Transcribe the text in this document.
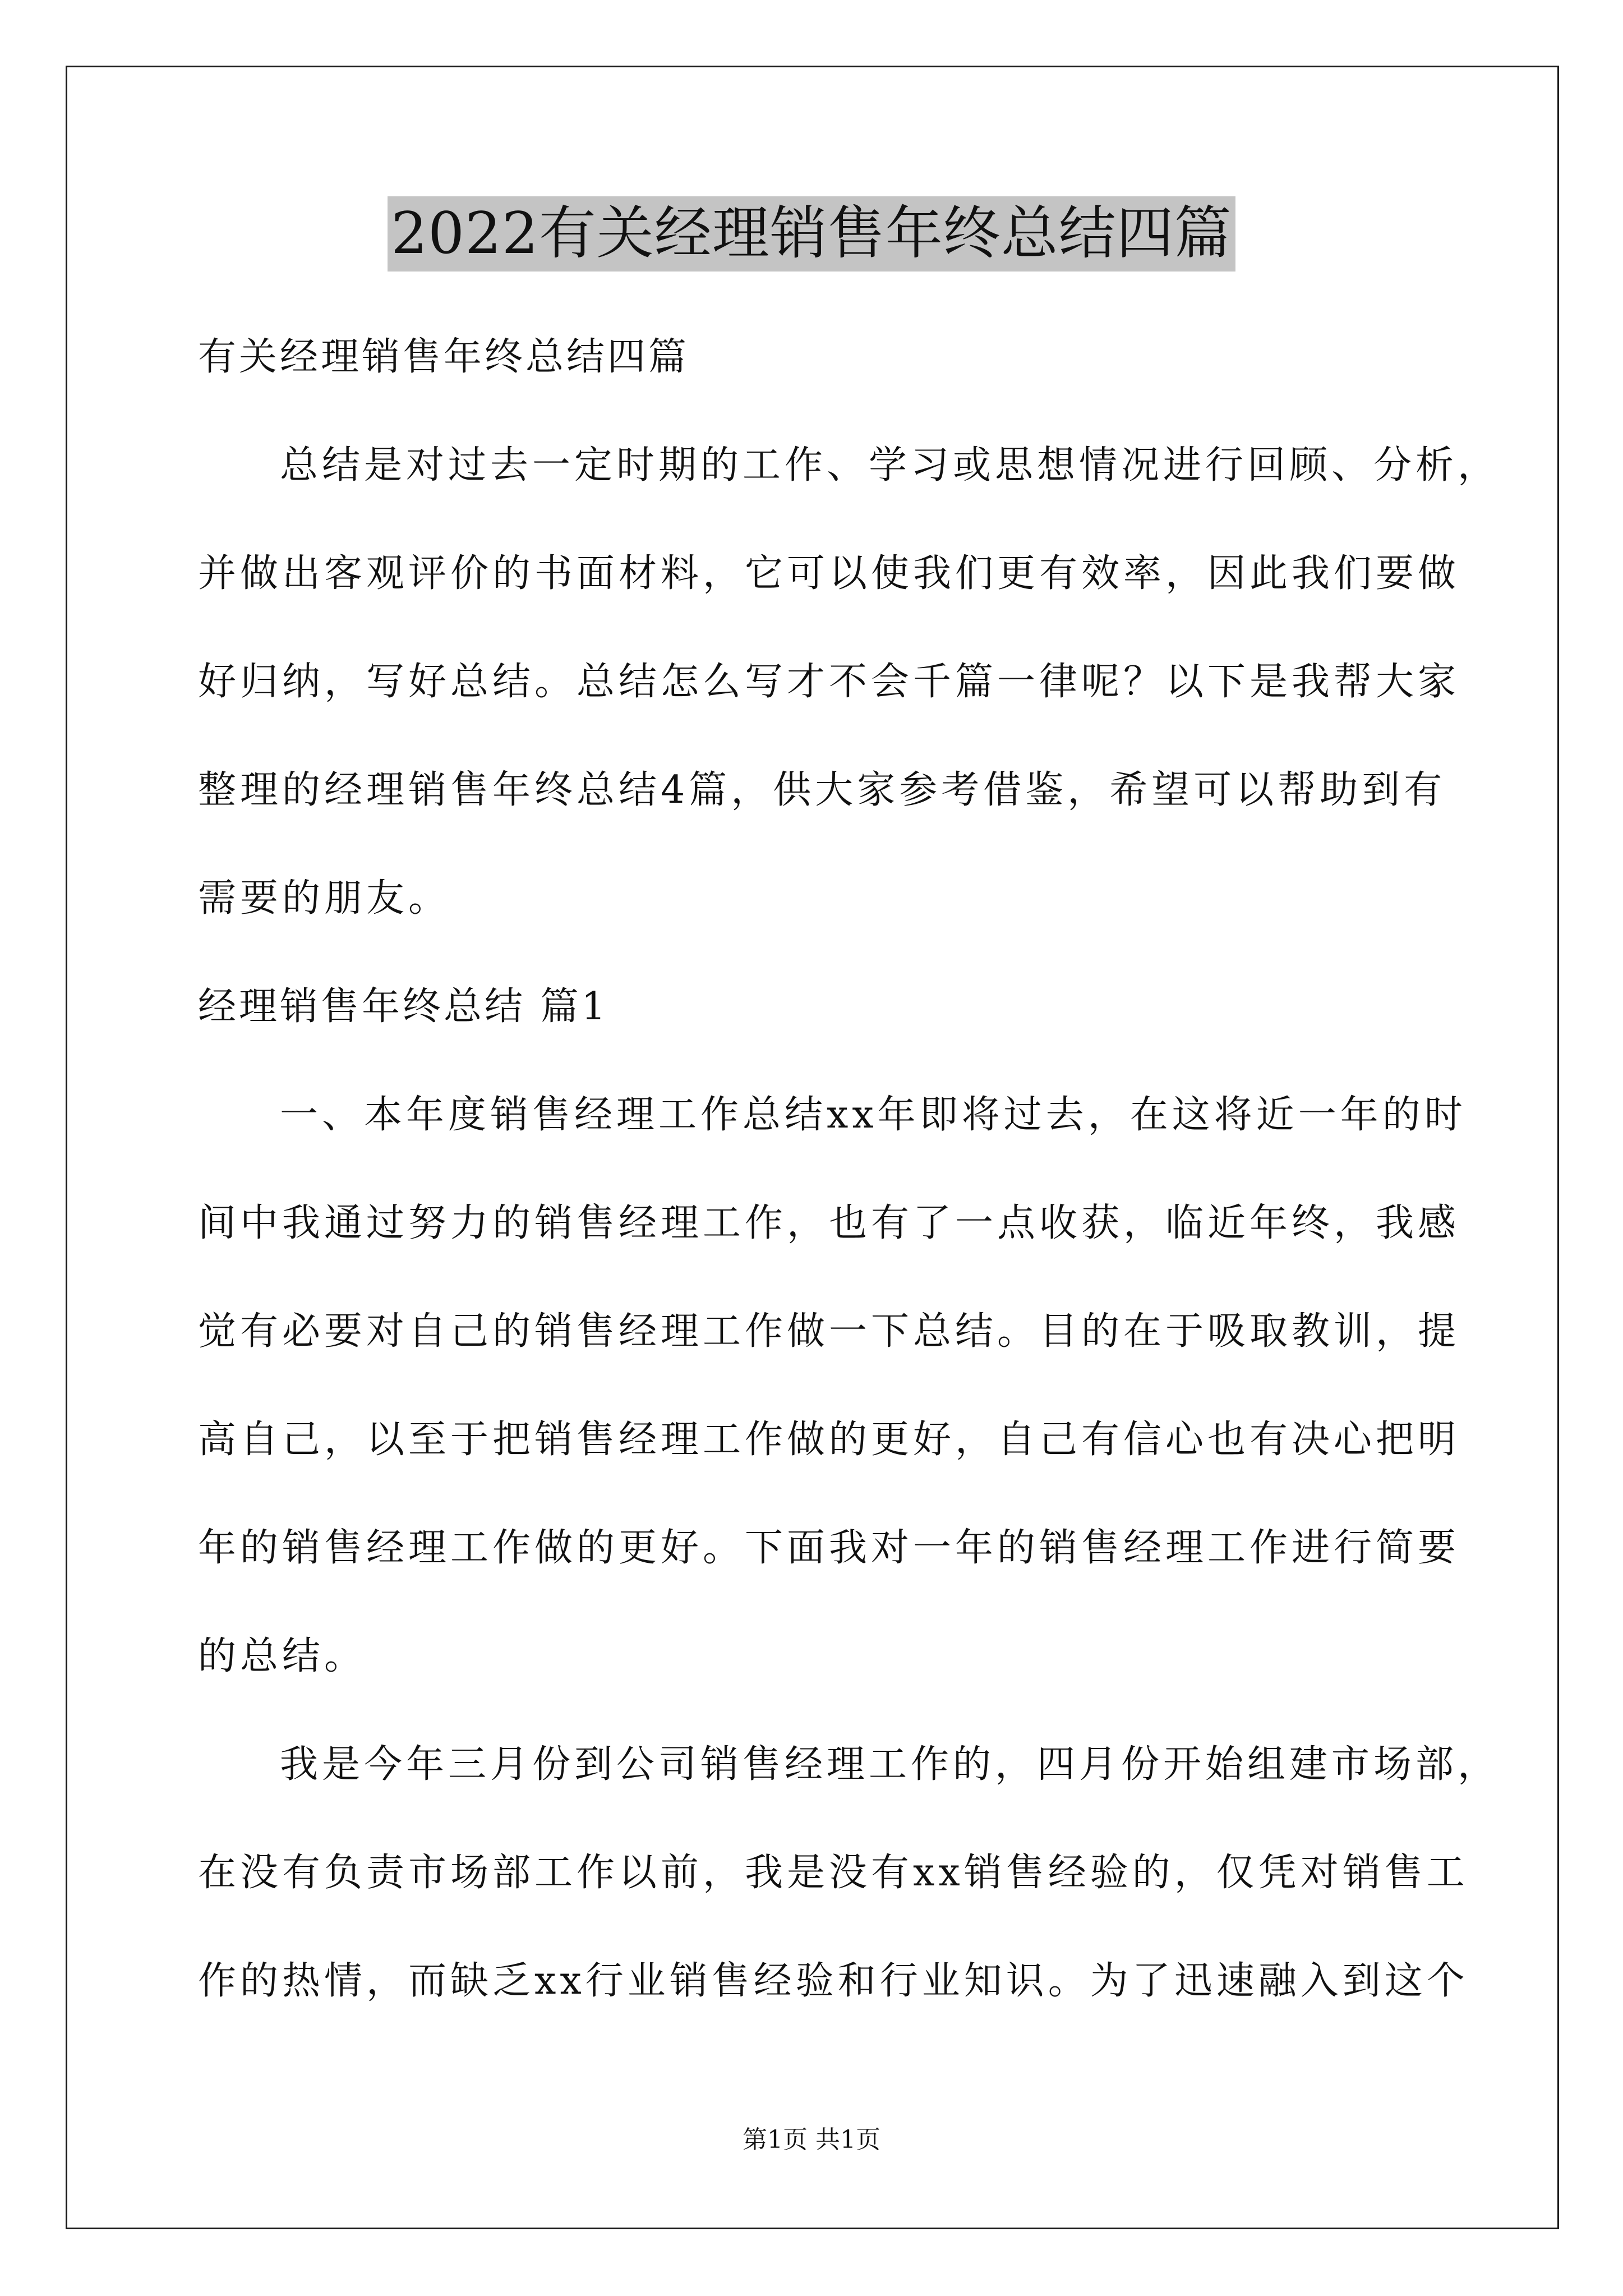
2022有关经理销售年终总结四篇
有关经理销售年终总结四篇
总结是对过去一定时期的工作、学习或思想情况进行回顾、分析，
并做出客观评价的书面材料，它可以使我们更有效率，因此我们要做
好归纳，写好总结。总结怎么写才不会千篇一律呢？以下是我帮大家
整理的经理销售年终总结4篇，供大家参考借鉴，希望可以帮助到有
需要的朋友。
经理销售年终总结 篇1
一、本年度销售经理工作总结xx年即将过去，在这将近一年的时
间中我通过努力的销售经理工作，也有了一点收获，临近年终，我感
觉有必要对自己的销售经理工作做一下总结。目的在于吸取教训，提
高自己，以至于把销售经理工作做的更好，自己有信心也有决心把明
年的销售经理工作做的更好。下面我对一年的销售经理工作进行简要
的总结。
我是今年三月份到公司销售经理工作的，四月份开始组建市场部，
在没有负责市场部工作以前，我是没有xx销售经验的，仅凭对销售工
作的热情，而缺乏xx行业销售经验和行业知识。为了迅速融入到这个
第1页 共1页
